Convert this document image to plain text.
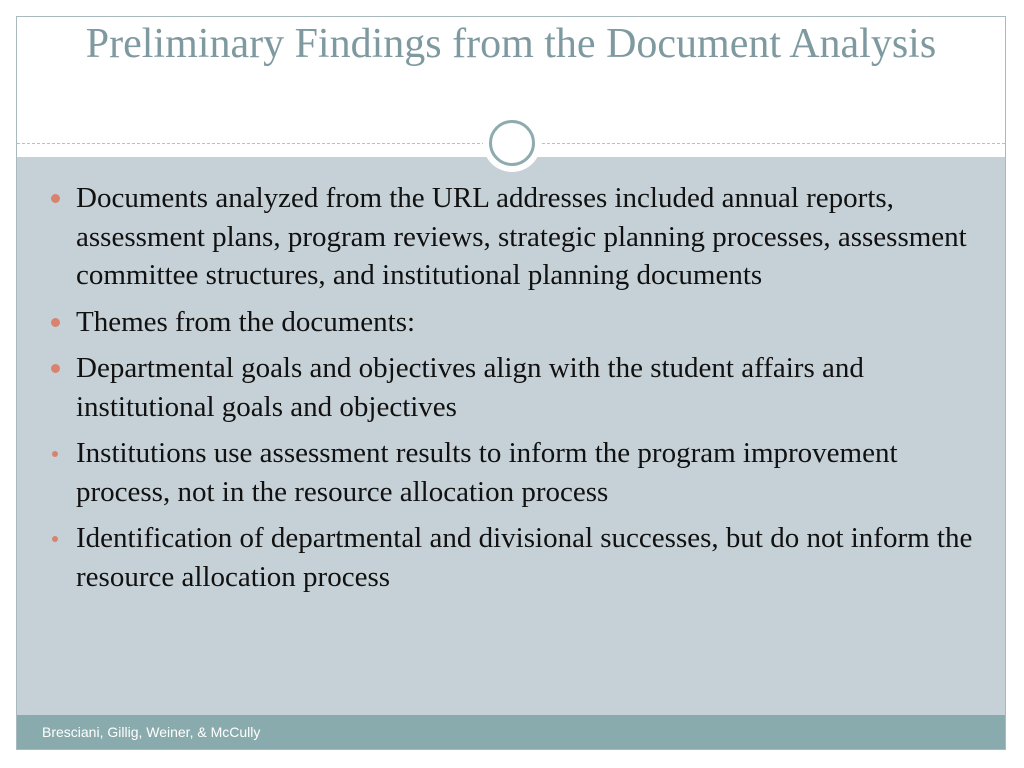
Preliminary Findings from the Document Analysis
Documents analyzed from the URL addresses included annual reports, assessment plans, program reviews, strategic planning processes, assessment committee structures, and institutional planning documents
Themes from the documents:
Departmental goals and objectives align with the student affairs and institutional goals and objectives
Institutions use assessment results to inform the program improvement process, not in the resource allocation process
Identification of departmental and divisional successes, but do not inform the resource allocation process
Bresciani, Gillig, Weiner, & McCully
